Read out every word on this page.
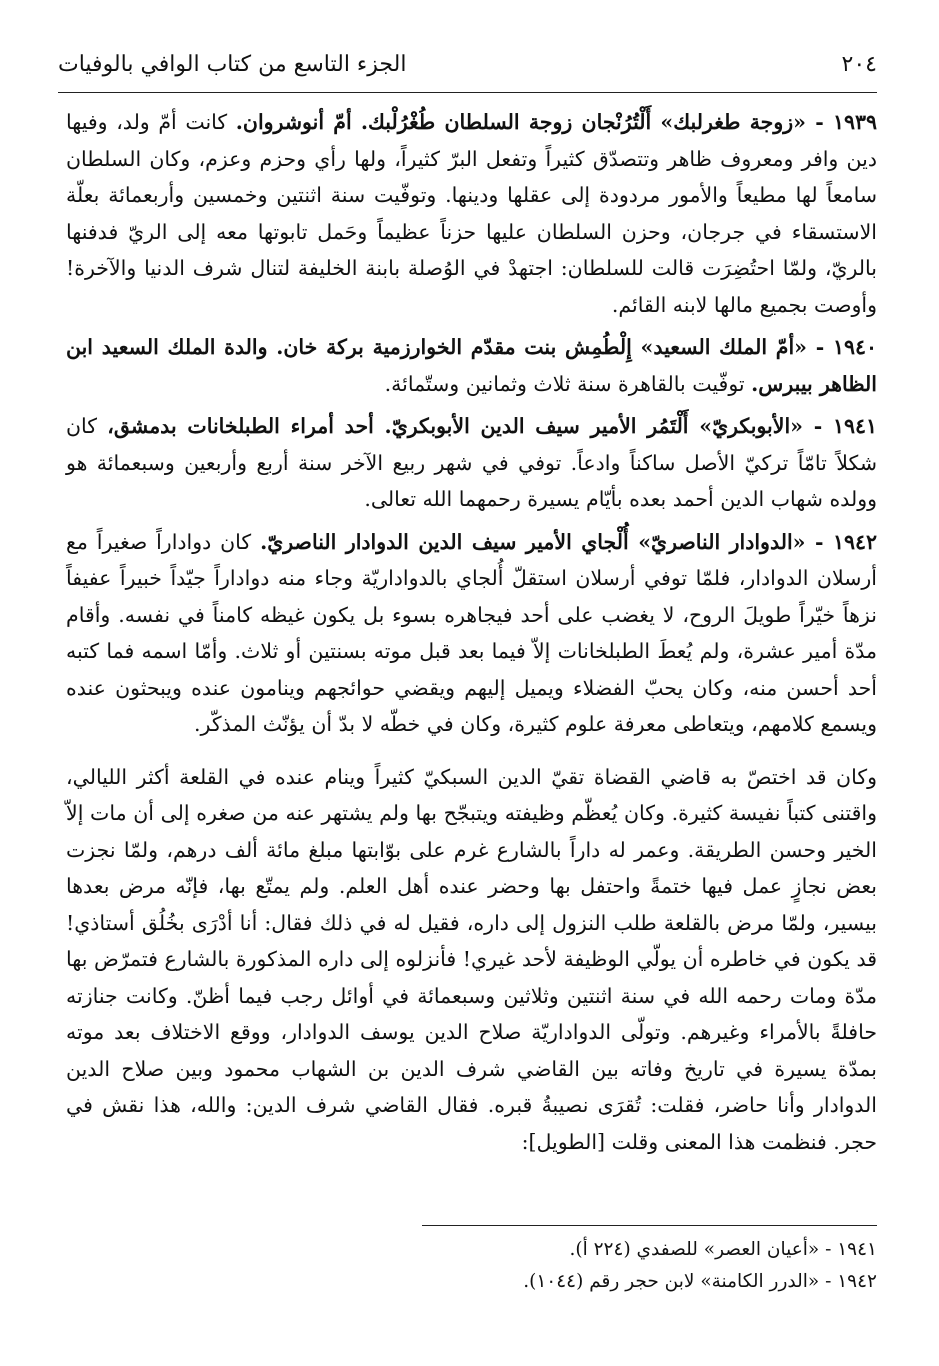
الجزء التاسع من كتاب الوافي بالوفيات	٢٠٤

١٩٣٩ - «زوجة طغرلبك» أَلْتُرُنْجان زوجة السلطان طُغْرُلْبك. أمّ أنوشروان. كانت أمّ ولد، وفيها دين وافر ومعروف ظاهر وتتصدّق كثيراً وتفعل البرّ كثيراً، ولها رأي وحزم وعزم، وكان السلطان سامعاً لها مطيعاً والأمور مردودة إلى عقلها ودينها. وتوفّيت سنة اثنتين وخمسين وأربعمائة بعلّة الاستسقاء في جرجان، وحزن السلطان عليها حزناً عظيماً وحَمل تابوتها معه إلى الريّ فدفنها بالريّ، ولمّا احتُضِرَت قالت للسلطان: اجتهدْ في الوُصلة بابنة الخليفة لتنال شرف الدنيا والآخرة! وأوصت بجميع مالها لابنه القائم.

١٩٤٠ - «أمّ الملك السعيد» إِلْطُمِش بنت مقدّم الخوارزمية بركة خان. والدة الملك السعيد ابن الظاهر بيبرس. توفّيت بالقاهرة سنة ثلاث وثمانين وستّمائة.

١٩٤١ - «الأبوبكريّ» أَلْتَمُر الأمير سيف الدين الأبوبكريّ. أحد أمراء الطبلخانات بدمشق، كان شكلاً تامّاً تركيّ الأصل ساكناً وادعاً. توفي في شهر ربيع الآخر سنة أربع وأربعين وسبعمائة هو وولده شهاب الدين أحمد بعده بأيّام يسيرة رحمهما الله تعالى.

١٩٤٢ - «الدوادار الناصريّ» أُلْجاي الأمير سيف الدين الدوادار الناصريّ. كان دواداراً صغيراً مع أرسلان الدوادار، فلمّا توفي أرسلان استقلّ أُلجاي بالدواداريّة وجاء منه دواداراً جيّداً خبيراً عفيفاً نزهاً خيّراً طويلَ الروح، لا يغضب على أحد فيجاهره بسوء بل يكون غيظه كامناً في نفسه. وأقام مدّة أمير عشرة، ولم يُعطَ الطبلخانات إلاّ فيما بعد قبل موته بسنتين أو ثلاث. وأمّا اسمه فما كتبه أحد أحسن منه، وكان يحبّ الفضلاء ويميل إليهم ويقضي حوائجهم وينامون عنده ويبحثون عنده ويسمع كلامهم، ويتعاطى معرفة علوم كثيرة، وكان في خطّه لا بدّ أن يؤنّث المذكّر.

وكان قد اختصّ به قاضي القضاة تقيّ الدين السبكيّ كثيراً وينام عنده في القلعة أكثر الليالي، واقتنى كتباً نفيسة كثيرة. وكان يُعظّم وظيفته ويتبجّح بها ولم يشتهر عنه من صغره إلى أن مات إلاّ الخير وحسن الطريقة. وعمر له داراً بالشارع غرم على بوّابتها مبلغ مائة ألف درهم، ولمّا نجزت بعض نجازٍ عمل فيها ختمةً واحتفل بها وحضر عنده أهل العلم. ولم يمتّع بها، فإنّه مرض بعدها بيسير، ولمّا مرض بالقلعة طلب النزول إلى داره، فقيل له في ذلك فقال: أنا أدْرَى بخُلُق أستاذي! قد يكون في خاطره أن يولّي الوظيفة لأحد غيري! فأنزلوه إلى داره المذكورة بالشارع فتمرّض بها مدّة ومات رحمه الله في سنة اثنتين وثلاثين وسبعمائة في أوائل رجب فيما أظنّ. وكانت جنازته حافلةً بالأمراء وغيرهم. وتولّى الدواداريّة صلاح الدين يوسف الدوادار، ووقع الاختلاف بعد موته بمدّة يسيرة في تاريخ وفاته بين القاضي شرف الدين بن الشهاب محمود وبين صلاح الدين الدوادار وأنا حاضر، فقلت: تُقرَى نصيبةُ قبره. فقال القاضي شرف الدين: والله، هذا نقش في حجر. فنظمت هذا المعنى وقلت [الطويل]:

١٩٤١ - «أعيان العصر» للصفدي (٢٢٤ أ).
١٩٤٢ - «الدرر الكامنة» لابن حجر رقم (١٠٤٤).
